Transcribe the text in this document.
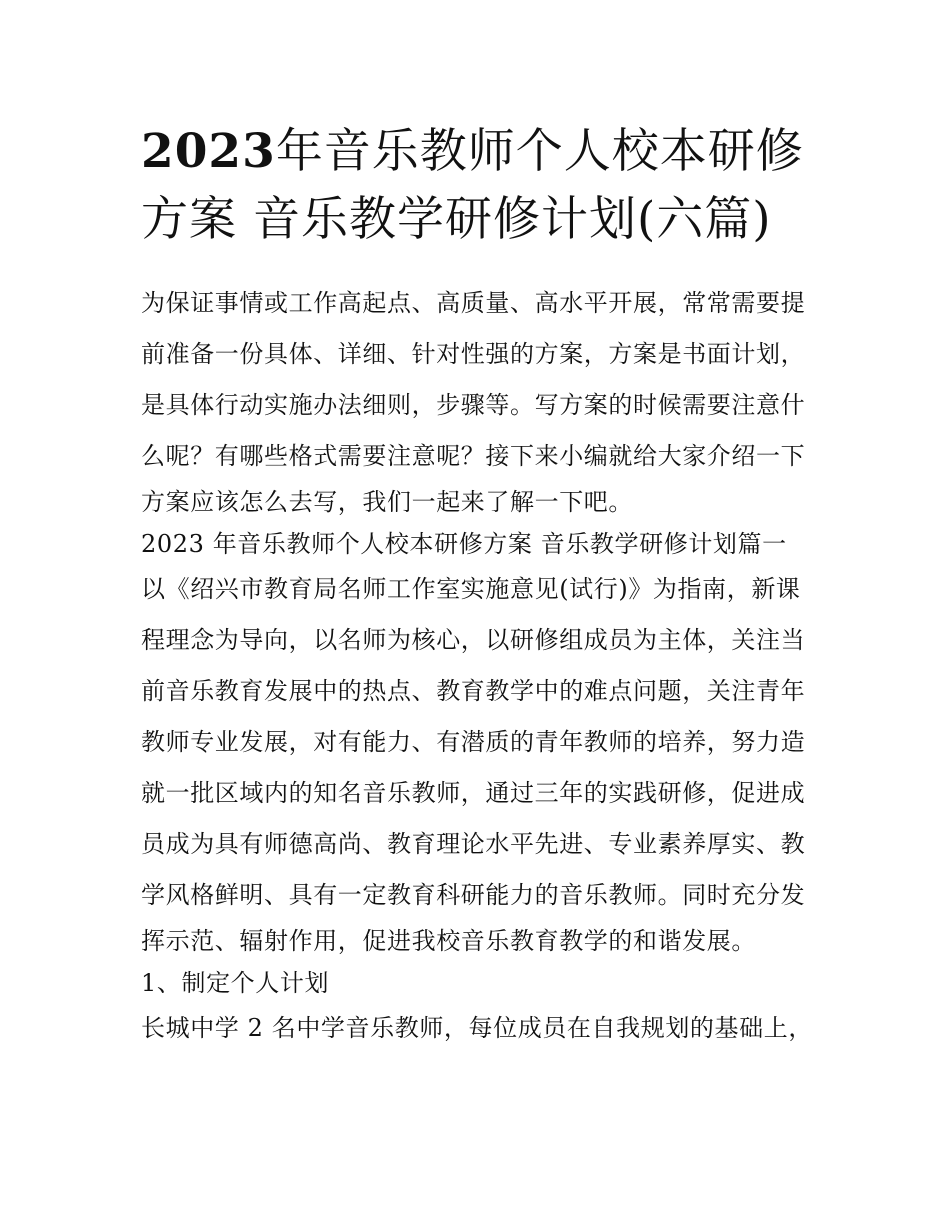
2023年音乐教师个人校本研修
方案 音乐教学研修计划(六篇)
为保证事情或工作高起点、高质量、高水平开展，常常需要提
前准备一份具体、详细、针对性强的方案，方案是书面计划，
是具体行动实施办法细则，步骤等。写方案的时候需要注意什
么呢？有哪些格式需要注意呢？接下来小编就给大家介绍一下
方案应该怎么去写，我们一起来了解一下吧。
2023 年音乐教师个人校本研修方案 音乐教学研修计划篇一
以《绍兴市教育局名师工作室实施意见(试行)》为指南，新课
程理念为导向，以名师为核心，以研修组成员为主体，关注当
前音乐教育发展中的热点、教育教学中的难点问题，关注青年
教师专业发展，对有能力、有潜质的青年教师的培养，努力造
就一批区域内的知名音乐教师，通过三年的实践研修，促进成
员成为具有师德高尚、教育理论水平先进、专业素养厚实、教
学风格鲜明、具有一定教育科研能力的音乐教师。同时充分发
挥示范、辐射作用，促进我校音乐教育教学的和谐发展。
1、制定个人计划
长城中学 2 名中学音乐教师，每位成员在自我规划的基础上，
